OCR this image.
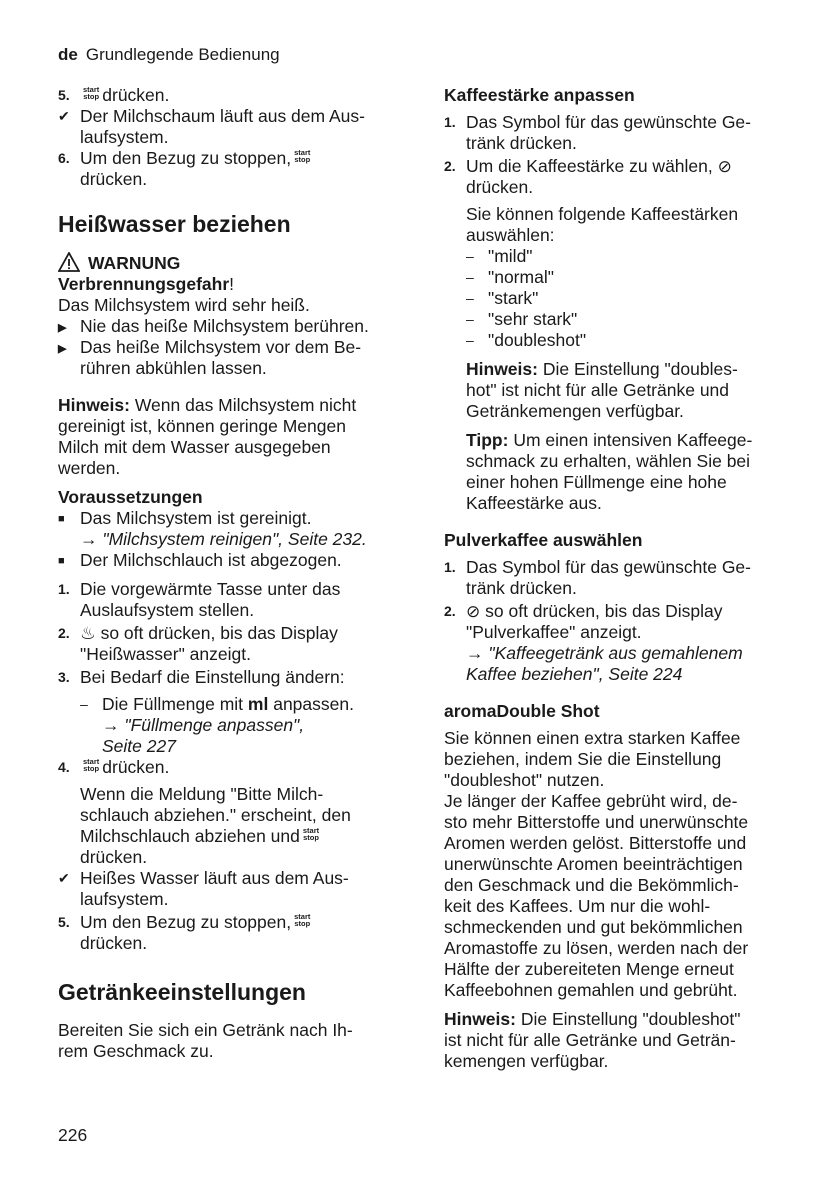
de Grundlegende Bedienung
5. start
stop drücken.
✔ Der Milchschaum läuft aus dem Aus-
laufsystem.
6. Um den Bezug zu stoppen, start
stop

drücken.
Heißwasser beziehen
WARNUNG
Verbrennungsgefahr!
Das Milchsystem wird sehr heiß.
▶ Nie das heiße Milchsystem berühren.
▶ Das heiße Milchsystem vor dem Be-
rühren abkühlen lassen.
Hinweis: Wenn das Milchsystem nicht
gereinigt ist, können geringe Mengen
Milch mit dem Wasser ausgegeben
werden.
Voraussetzungen
■ Das Milchsystem ist gereinigt.
→ "Milchsystem reinigen", Seite 232.
■ Der Milchschlauch ist abgezogen.
1. Die vorgewärmte Tasse unter das
Auslaufsystem stellen.
2. ♨ so oft drücken, bis das Display
"Heißwasser" anzeigt.
3. Bei Bedarf die Einstellung ändern:
– Die Füllmenge mit ml anpassen.
→ "Füllmenge anpassen",
Seite 227
4. start
stop drücken.
Wenn die Meldung "Bitte Milch-
schlauch abziehen." erscheint, den
Milchschlauch abziehen und start
stop

drücken.
✔ Heißes Wasser läuft aus dem Aus-
laufsystem.
5. Um den Bezug zu stoppen, start
stop

drücken.
Getränkeeinstellungen
Bereiten Sie sich ein Getränk nach Ih-
rem Geschmack zu.
Kaffeestärke anpassen
1. Das Symbol für das gewünschte Ge-
tränk drücken.
2. Um die Kaffeestärke zu wählen, ⊘
drücken.
Sie können folgende Kaffeestärken
auswählen:
– "mild"
– "normal"
– "stark"
– "sehr stark"
– "doubleshot"
Hinweis: Die Einstellung "doubles-
hot" ist nicht für alle Getränke und
Getränkemengen verfügbar.
Tipp: Um einen intensiven Kaffeege-
schmack zu erhalten, wählen Sie bei
einer hohen Füllmenge eine hohe
Kaffeestärke aus.
Pulverkaffee auswählen
1. Das Symbol für das gewünschte Ge-
tränk drücken.
2. ⊘ so oft drücken, bis das Display
"Pulverkaffee" anzeigt.
→ "Kaffeegetränk aus gemahlenem
Kaffee beziehen", Seite 224
aromaDouble Shot
Sie können einen extra starken Kaffee
beziehen, indem Sie die Einstellung
"doubleshot" nutzen.
Je länger der Kaffee gebrüht wird, de-
sto mehr Bitterstoffe und unerwünschte
Aromen werden gelöst. Bitterstoffe und
unerwünschte Aromen beeinträchtigen
den Geschmack und die Bekömmlich-
keit des Kaffees. Um nur die wohl-
schmeckenden und gut bekömmlichen
Aromastoffe zu lösen, werden nach der
Hälfte der zubereiteten Menge erneut
Kaffeebohnen gemahlen und gebrüht.
Hinweis: Die Einstellung "doubleshot"
ist nicht für alle Getränke und Geträn-
kemengen verfügbar.
226
